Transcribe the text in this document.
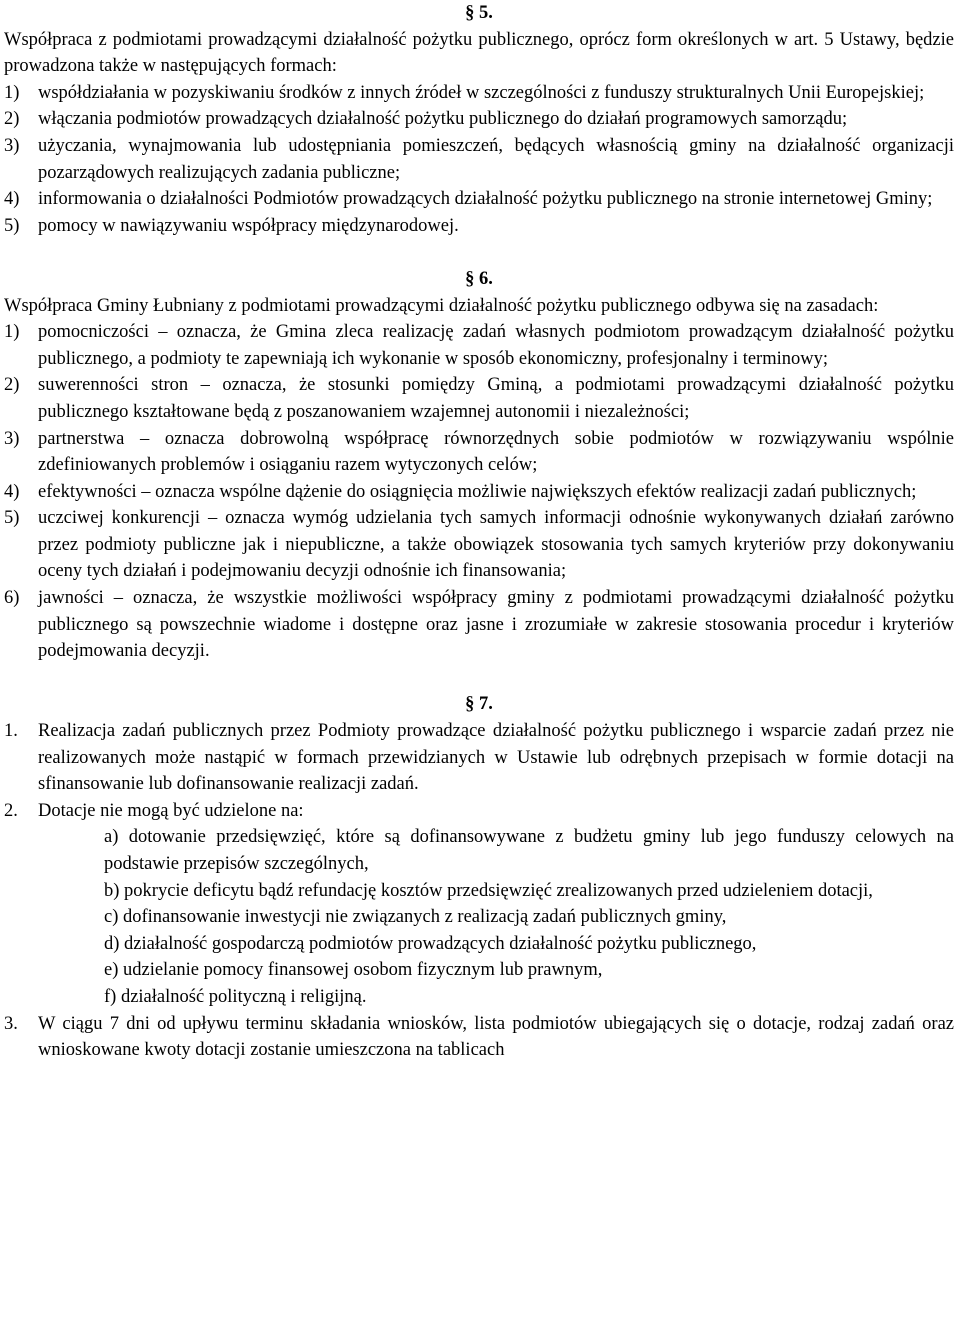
§ 5.

Współpraca z podmiotami prowadzącymi działalność pożytku publicznego, oprócz form określonych w art. 5 Ustawy, będzie prowadzona także w następujących formach:

1)	współdziałania w pozyskiwaniu środków z innych źródeł w szczególności z funduszy strukturalnych Unii Europejskiej;
2)	włączania podmiotów prowadzących działalność pożytku publicznego do działań programowych samorządu;
3)	użyczania, wynajmowania lub udostępniania pomieszczeń, będących własnością gminy na działalność organizacji pozarządowych realizujących zadania publiczne;
4)	informowania o działalności Podmiotów prowadzących działalność pożytku publicznego na stronie internetowej Gminy;
5)	pomocy w nawiązywaniu współpracy międzynarodowej.
§ 6.

Współpraca Gminy Łubniany z podmiotami prowadzącymi działalność pożytku publicznego odbywa się na zasadach:

1)	pomocniczości – oznacza, że Gmina zleca realizację zadań własnych podmiotom prowadzącym działalność pożytku publicznego, a podmioty te zapewniają ich wykonanie w sposób ekonomiczny, profesjonalny i terminowy;
2)	suwerenności stron – oznacza, że stosunki pomiędzy Gminą, a podmiotami prowadzącymi działalność pożytku publicznego kształtowane będą z poszanowaniem wzajemnej autonomii i niezależności;
3)	partnerstwa – oznacza dobrowolną współpracę równorzędnych sobie podmiotów w rozwiązywaniu wspólnie zdefiniowanych problemów i osiąganiu razem wytyczonych celów;
4)	efektywności – oznacza wspólne dążenie do osiągnięcia możliwie największych efektów realizacji zadań publicznych;
5)	uczciwej konkurencji – oznacza wymóg udzielania tych samych informacji odnośnie wykonywanych działań zarówno przez podmioty publiczne jak i niepubliczne, a także obowiązek stosowania tych samych kryteriów przy dokonywaniu oceny tych działań i podejmowaniu decyzji odnośnie ich finansowania;
6)	jawności – oznacza, że wszystkie możliwości współpracy gminy z podmiotami prowadzącymi działalność pożytku publicznego są powszechnie wiadome i dostępne oraz jasne i zrozumiałe w zakresie stosowania procedur i kryteriów podejmowania decyzji.
§ 7.
1.	Realizacja zadań publicznych przez Podmioty prowadzące działalność pożytku publicznego i wsparcie zadań przez nie realizowanych może nastąpić w formach przewidzianych w Ustawie lub odrębnych przepisach w formie dotacji na sfinansowanie lub dofinansowanie realizacji zadań.
2.	Dotacje nie mogą być udzielone na:
a) dotowanie przedsięwzięć, które są dofinansowywane z budżetu gminy lub jego funduszy celowych na podstawie przepisów szczególnych,
b) pokrycie deficytu bądź refundację kosztów przedsięwzięć zrealizowanych przed udzieleniem dotacji,
c) dofinansowanie inwestycji nie związanych z realizacją zadań publicznych gminy,
d) działalność gospodarczą podmiotów prowadzących działalność pożytku publicznego,
e) udzielanie pomocy finansowej osobom fizycznym lub prawnym,
f) działalność polityczną i religijną.
3.	W ciągu 7 dni od upływu terminu składania wniosków, lista podmiotów ubiegających się o dotacje, rodzaj zadań oraz wnioskowane kwoty dotacji zostanie umieszczona na tablicach
